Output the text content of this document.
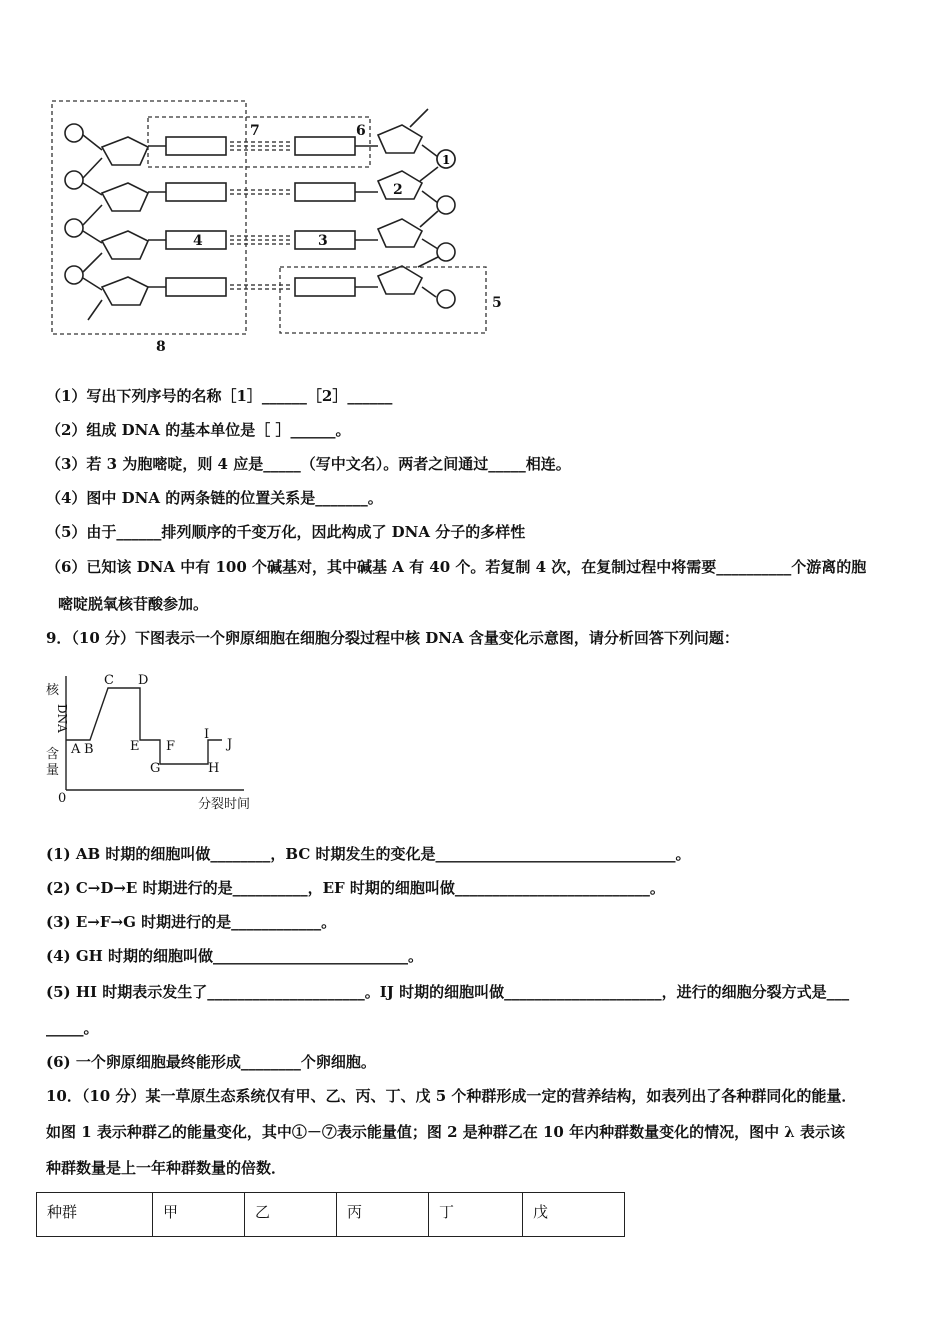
7	6
2
4	3
5
8
1
（1）写出下列序号的名称［1］______［2］______
（2）组成 DNA 的基本单位是［ ］______。
（3）若 3 为胞嘧啶，则 4 应是_____（写中文名）。两者之间通过_____相连。
（4）图中 DNA 的两条链的位置关系是_______。
（5）由于______排列顺序的千变万化，因此构成了 DNA 分子的多样性
（6）已知该 DNA 中有 100 个碱基对，其中碱基 A 有 40 个。若复制 4 次，在复制过程中将需要__________个游离的胞
嘧啶脱氧核苷酸参加。
9．（10 分）下图表示一个卵原细胞在细胞分裂过程中核 DNA 含量变化示意图，请分析回答下列问题：
核
含
量
DNA
0	分裂时间
A B
C D
E F
G	H
I
J
(1) AB 时期的细胞叫做________，BC 时期发生的变化是________________________________。
(2) C→D→E 时期进行的是__________，EF 时期的细胞叫做__________________________。
(3) E→F→G 时期进行的是____________。
(4) GH 时期的细胞叫做__________________________。
(5) HI 时期表示发生了_____________________。IJ 时期的细胞叫做_____________________，进行的细胞分裂方式是___
_____。
(6) 一个卵原细胞最终能形成________个卵细胞。
10．（10 分）某一草原生态系统仅有甲、乙、丙、丁、戊 5 个种群形成一定的营养结构，如表列出了各种群同化的能量．
如图 1 表示种群乙的能量变化，其中①－⑦表示能量值；图 2 是种群乙在 10 年内种群数量变化的情况，图中 λ 表示该
种群数量是上一年种群数量的倍数．
种群	甲	乙	丙	丁	戊
